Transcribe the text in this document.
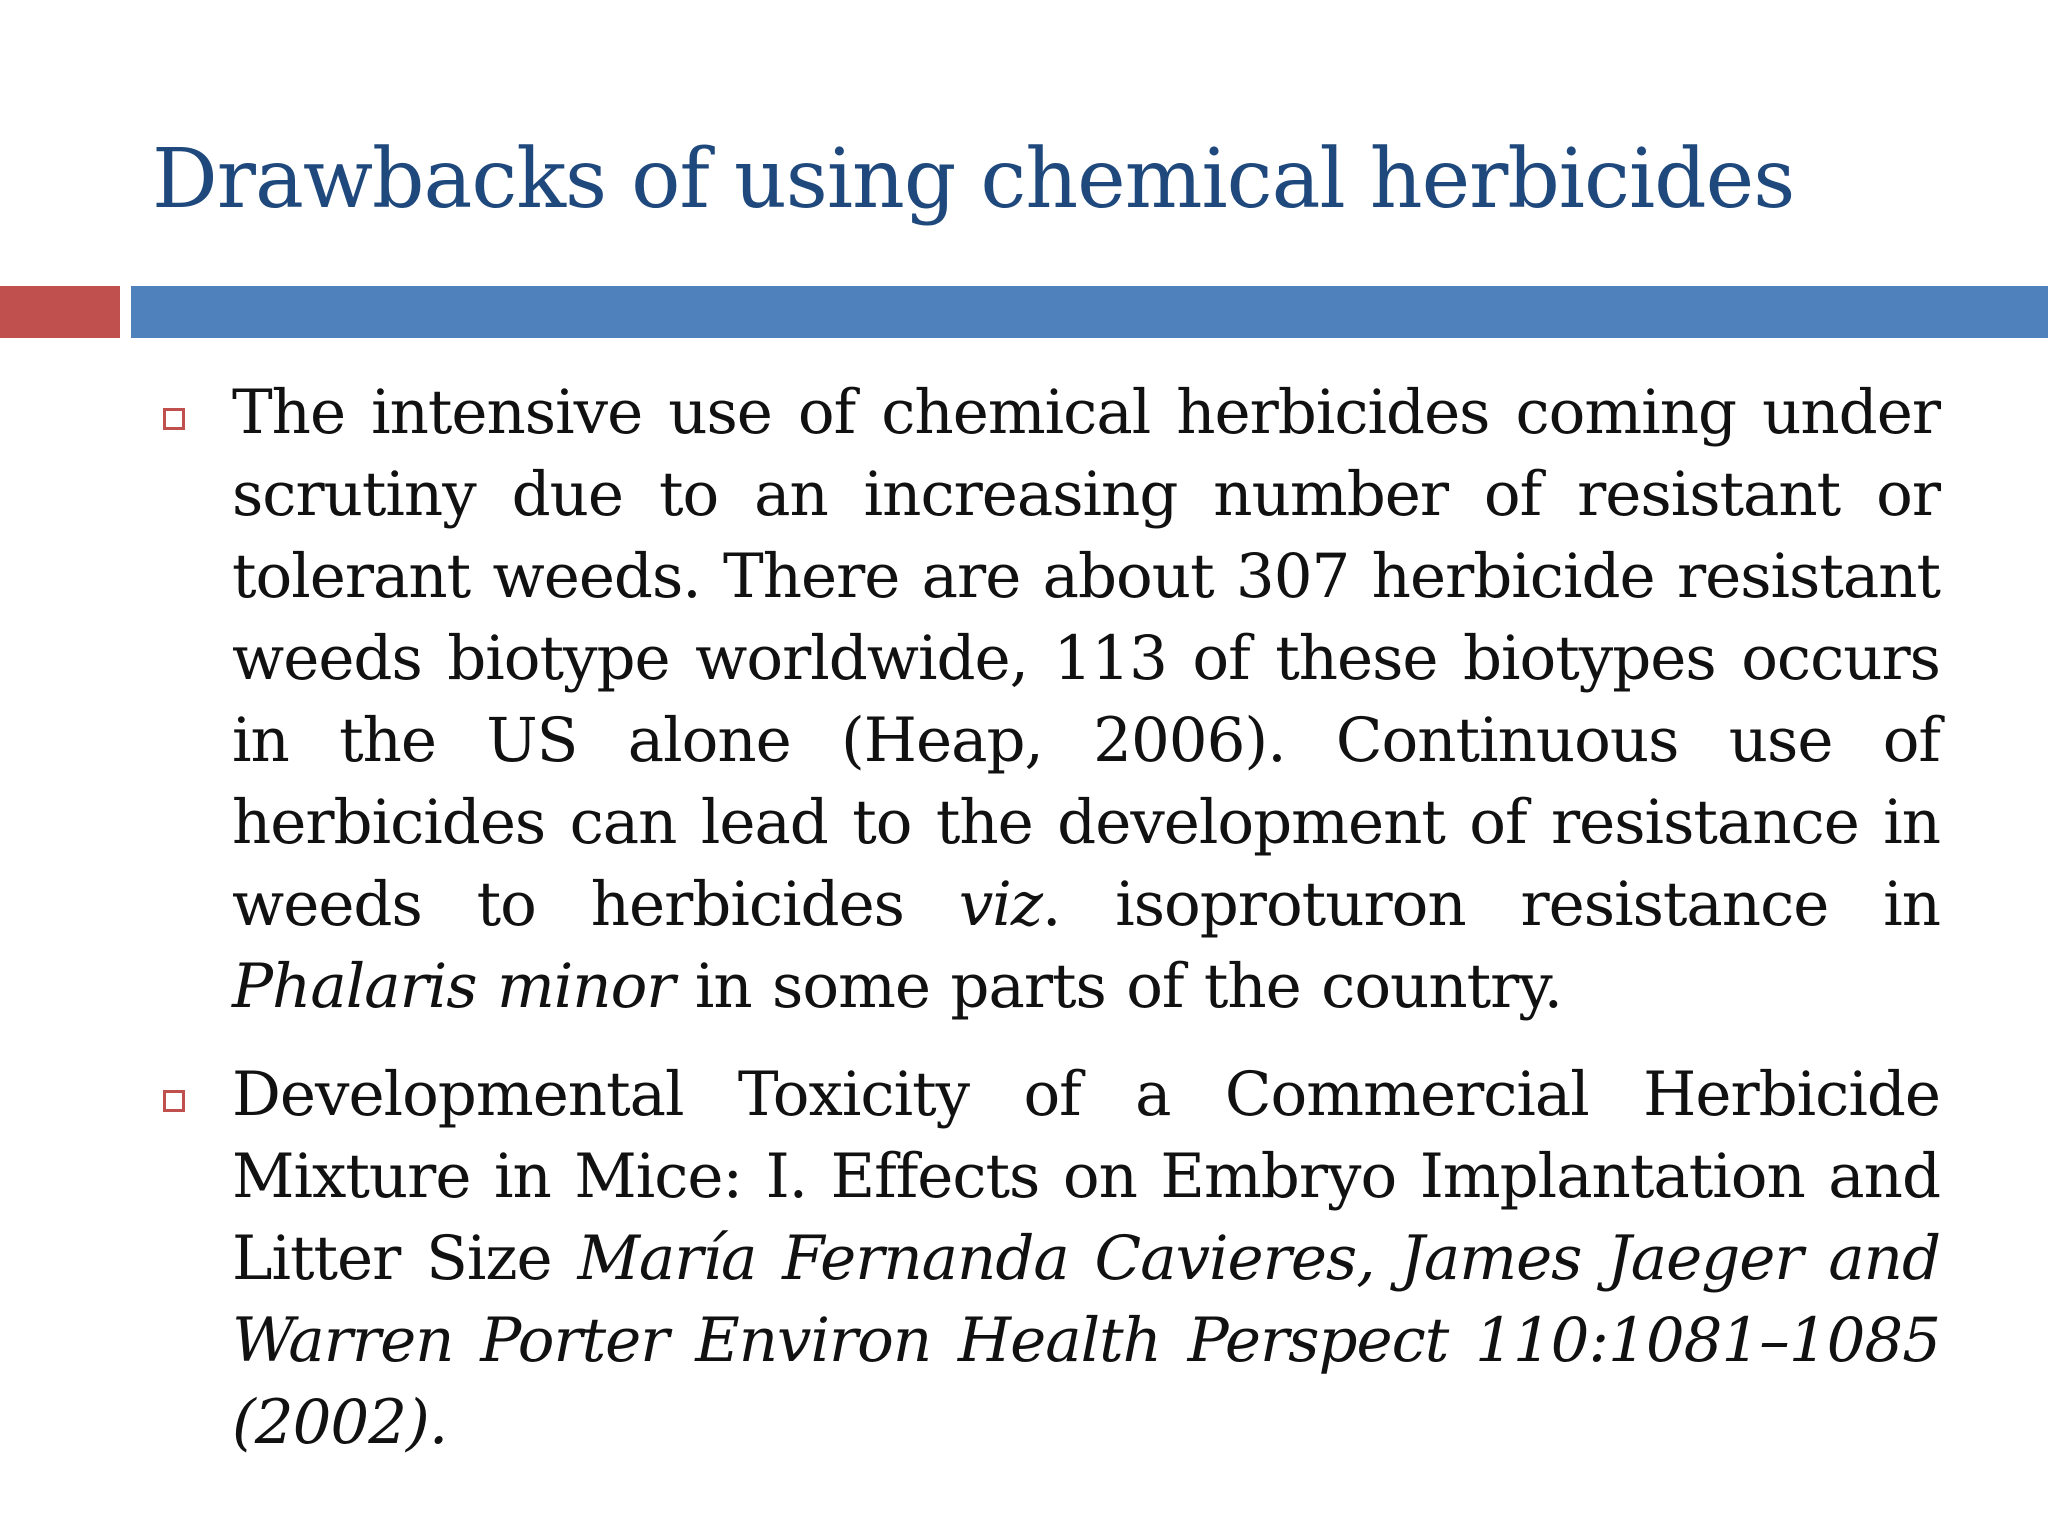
Drawbacks of using chemical herbicides
The intensive use of chemical herbicides coming under scrutiny due to an increasing number of resistant or tolerant weeds. There are about 307 herbicide resistant weeds biotype worldwide, 113 of these biotypes occurs in the US alone (Heap, 2006). Continuous use of herbicides can lead to the development of resistance in weeds to herbicides viz. isoproturon resistance in Phalaris minor in some parts of the country.
Developmental Toxicity of a Commercial Herbicide Mixture in Mice: I. Effects on Embryo Implantation and Litter Size María Fernanda Cavieres, James Jaeger and Warren Porter Environ Health Perspect 110:1081–1085 (2002).
